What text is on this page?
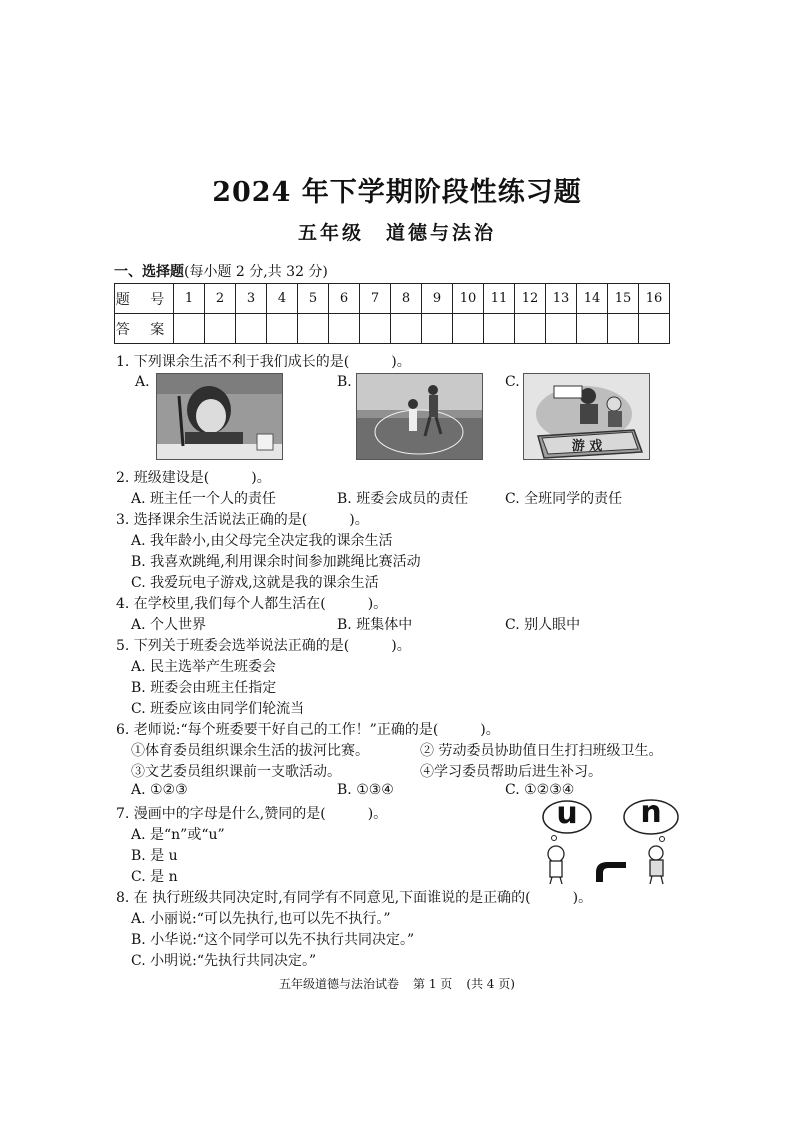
2024 年下学期阶段性练习题
五年级　道德与法治
一、选择题(每小题 2 分,共 32 分)
题 号	1	2	3	4	5	6	7	8	9	10	11	12	13	14	15	16
答 案																
1. 下列课余生活不利于我们成长的是(　　　)。
A.	B.	C.
游 戏
2. 班级建设是(　　　)。
A. 班主任一个人的责任	B. 班委会成员的责任	C. 全班同学的责任
3. 选择课余生活说法正确的是(　　　)。
A. 我年龄小,由父母完全决定我的课余生活
B. 我喜欢跳绳,利用课余时间参加跳绳比赛活动
C. 我爱玩电子游戏,这就是我的课余生活
4. 在学校里,我们每个人都生活在(　　　)。
A. 个人世界	B. 班集体中	C. 别人眼中
5. 下列关于班委会选举说法正确的是(　　　)。
A. 民主选举产生班委会
B. 班委会由班主任指定
C. 班委应该由同学们轮流当
6. 老师说:“每个班委要干好自己的工作！”正确的是(　　　)。
①体育委员组织课余生活的拔河比赛。	② 劳动委员协助值日生打扫班级卫生。
③文艺委员组织课前一支歌活动。	④学习委员帮助后进生补习。
A. ①②③	B. ①③④	C. ①②③④
7. 漫画中的字母是什么,赞同的是(　　　)。
A. 是“n”或“u”
B. 是 u
C. 是 n
u n
8. 在 执行班级共同决定时,有同学有不同意见,下面谁说的是正确的(　　　)。
A. 小丽说:“可以先执行,也可以先不执行。”
B. 小华说:“这个同学可以先不执行共同决定。”
C. 小明说:“先执行共同决定。”
五年级道德与法治试卷 第 1 页 (共 4 页)
